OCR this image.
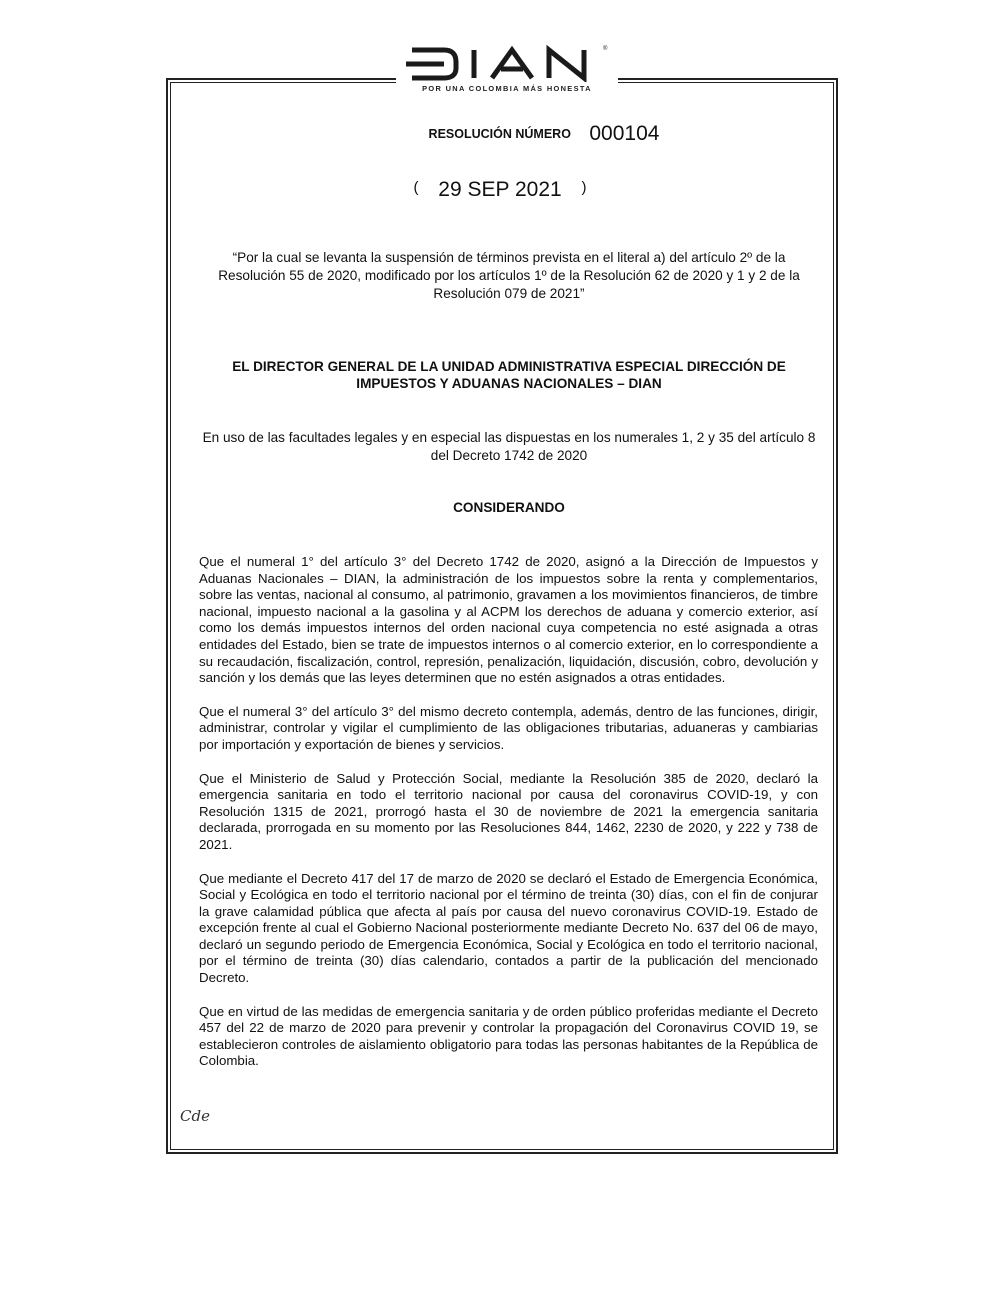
®
POR UNA COLOMBIA MÁS HONESTA
RESOLUCIÓN NÚMERO 000104
( 29 SEP 2021 )
“Por la cual se levanta la suspensión de términos prevista en el literal a) del artículo 2º de la Resolución 55 de 2020, modificado por los artículos 1º de la Resolución 62 de 2020 y 1 y 2 de la Resolución 079 de 2021”
EL DIRECTOR GENERAL DE LA UNIDAD ADMINISTRATIVA ESPECIAL DIRECCIÓN DE IMPUESTOS Y ADUANAS NACIONALES – DIAN
En uso de las facultades legales y en especial las dispuestas en los numerales 1, 2 y 35 del artículo 8 del Decreto 1742 de 2020
CONSIDERANDO

Que el numeral 1° del artículo 3° del Decreto 1742 de 2020, asignó a la Dirección de Impuestos y Aduanas Nacionales – DIAN, la administración de los impuestos sobre la renta y complementarios, sobre las ventas, nacional al consumo, al patrimonio, gravamen a los movimientos financieros, de timbre nacional, impuesto nacional a la gasolina y al ACPM los derechos de aduana y comercio exterior, así como los demás impuestos internos del orden nacional cuya competencia no esté asignada a otras entidades del Estado, bien se trate de impuestos internos o al comercio exterior, en lo correspondiente a su recaudación, fiscalización, control, represión, penalización, liquidación, discusión, cobro, devolución y sanción y los demás que las leyes determinen que no estén asignados a otras entidades.

Que el numeral 3° del artículo 3° del mismo decreto contempla, además, dentro de las funciones, dirigir, administrar, controlar y vigilar el cumplimiento de las obligaciones tributarias, aduaneras y cambiarias por importación y exportación de bienes y servicios.

Que el Ministerio de Salud y Protección Social, mediante la Resolución 385 de 2020, declaró la emergencia sanitaria en todo el territorio nacional por causa del coronavirus COVID-19, y con Resolución 1315 de 2021, prorrogó hasta el 30 de noviembre de 2021 la emergencia sanitaria declarada, prorrogada en su momento por las Resoluciones 844, 1462, 2230 de 2020, y 222 y 738 de 2021.

Que mediante el Decreto 417 del 17 de marzo de 2020 se declaró el Estado de Emergencia Económica, Social y Ecológica en todo el territorio nacional por el término de treinta (30) días, con el fin de conjurar la grave calamidad pública que afecta al país por causa del nuevo coronavirus COVID-19. Estado de excepción frente al cual el Gobierno Nacional posteriormente mediante Decreto No. 637 del 06 de mayo, declaró un segundo periodo de Emergencia Económica, Social y Ecológica en todo el territorio nacional, por el término de treinta (30) días calendario, contados a partir de la publicación del mencionado Decreto.

Que en virtud de las medidas de emergencia sanitaria y de orden público proferidas mediante el Decreto 457 del 22 de marzo de 2020 para prevenir y controlar la propagación del Coronavirus COVID 19, se establecieron controles de aislamiento obligatorio para todas las personas habitantes de la República de Colombia.

Cde
